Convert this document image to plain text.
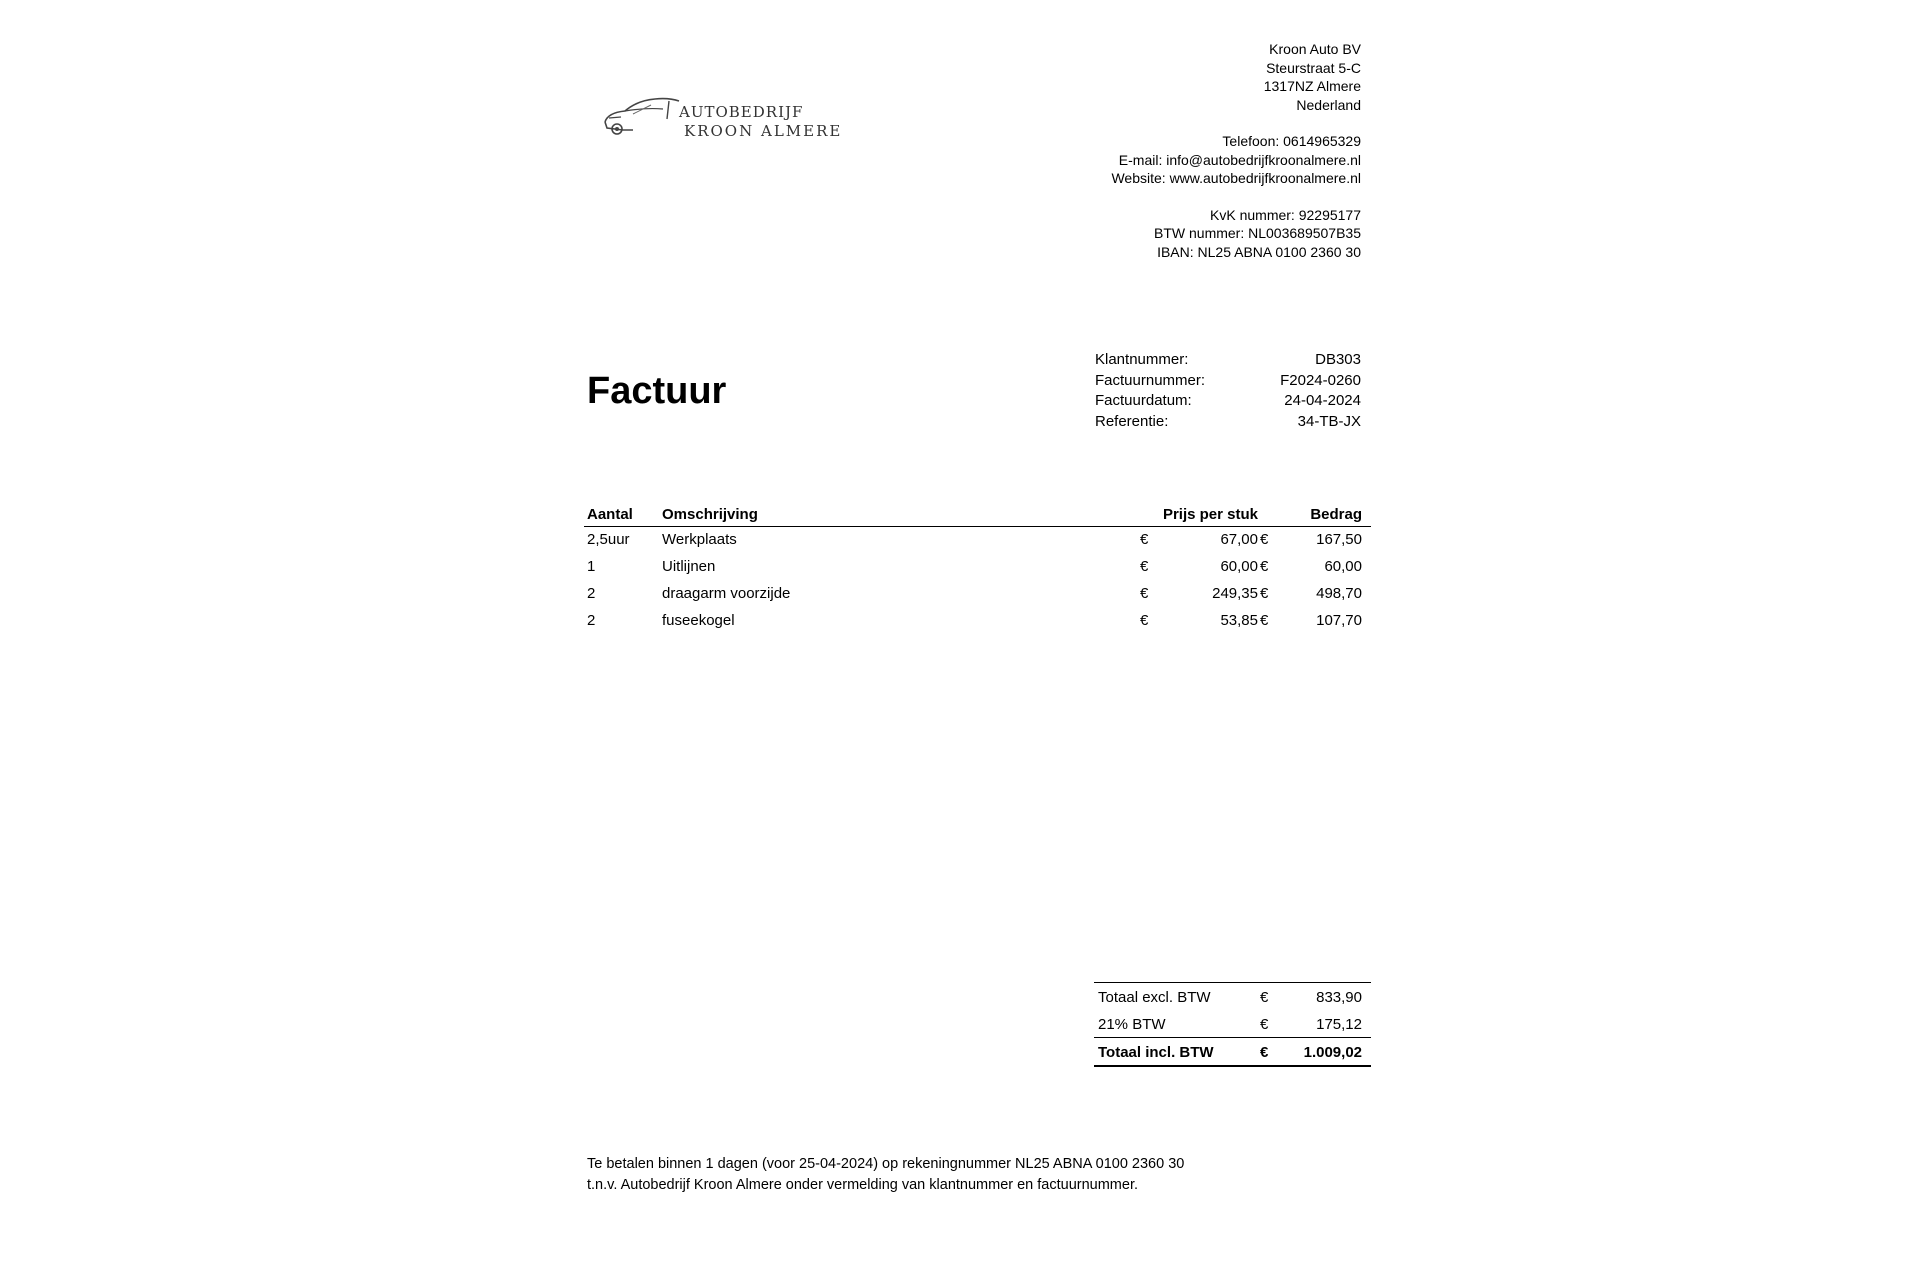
AUTOBEDRIJF
KROON ALMERE
Kroon Auto BV
Steurstraat 5-C
1317NZ Almere
Nederland
Telefoon: 0614965329
E-mail: info@autobedrijfkroonalmere.nl
Website: www.autobedrijfkroonalmere.nl
KvK nummer: 92295177
BTW nummer: NL003689507B35
IBAN: NL25 ABNA 0100 2360 30
Factuur
Klantnummer:	DB303
Factuurnummer:	F2024-0260
Factuurdatum:	24-04-2024
Referentie:	34-TB-JX
Aantal Omschrijving	Prijs per stuk	Bedrag
2,5uur Werkplaats	€	67,00 €	167,50
1	Uitlijnen	€	60,00 €	60,00
2	draagarm voorzijde	€	249,35 €	498,70
2	fuseekogel	€	53,85 €	107,70
Totaal excl. BTW	€	833,90
21% BTW	€	175,12
Totaal incl. BTW	€ 1.009,02
Te betalen binnen 1 dagen (voor 25-04-2024) op rekeningnummer NL25 ABNA 0100 2360 30
t.n.v. Autobedrijf Kroon Almere onder vermelding van klantnummer en factuurnummer.
